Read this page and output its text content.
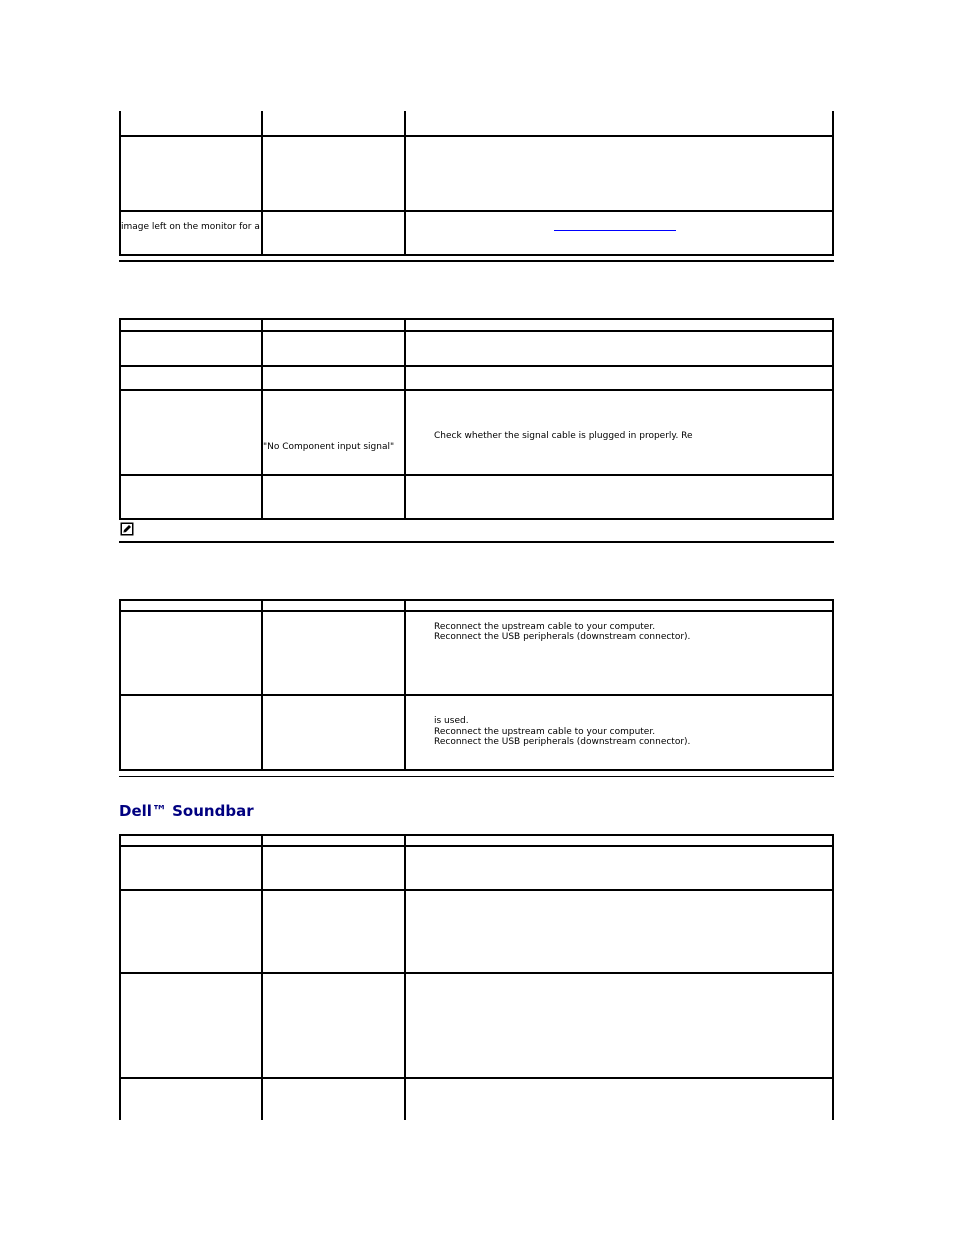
image left on the monitor for a
"No Component input signal"
Check whether the signal cable is plugged in properly. Re
Reconnect the upstream cable to your computer.
Reconnect the USB peripherals (downstream connector).
is used.
Reconnect the upstream cable to your computer.
Reconnect the USB peripherals (downstream connector).
Dell™ Soundbar
